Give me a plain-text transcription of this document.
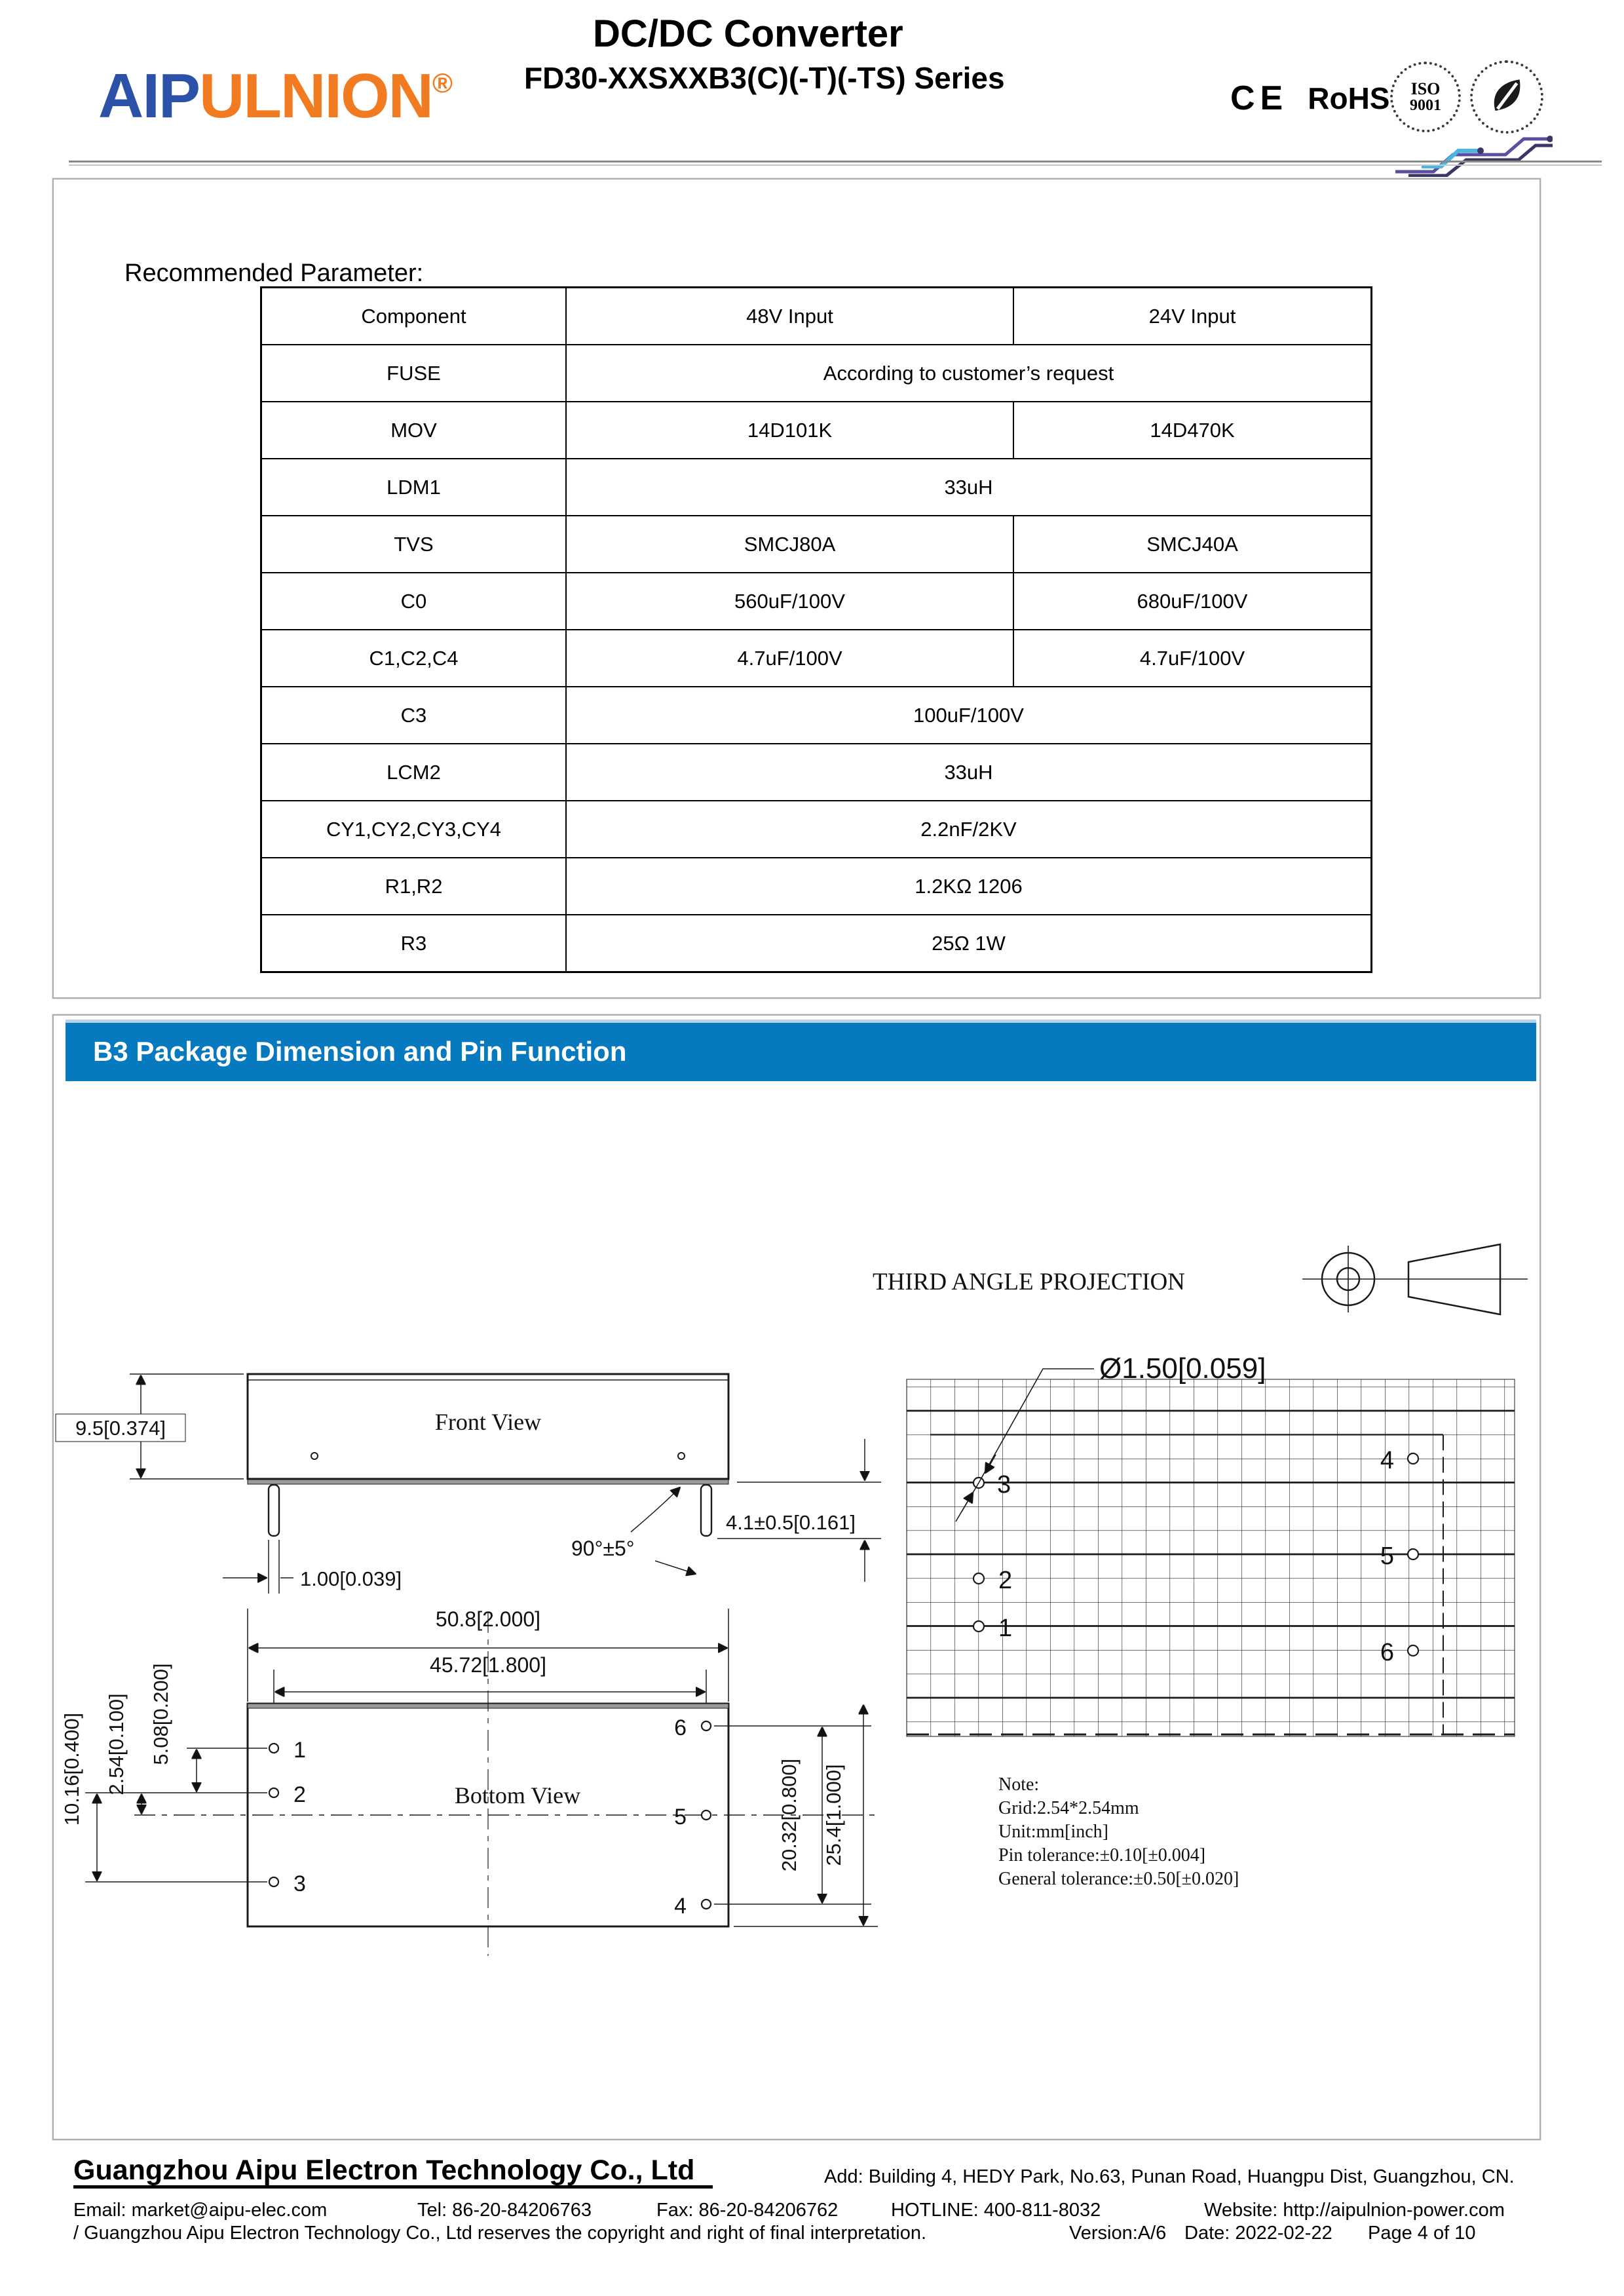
AIPULNION®
DC/DC Converter
FD30-XXSXXB3(C)(-T)(-TS) Series
CE RoHS ISO
9001
Recommended Parameter:
Component	48V Input	24V Input
FUSE	According to customer’s request	
MOV	14D101K	14D470K
LDM1	33uH	
TVS	SMCJ80A	SMCJ40A
C0	560uF/100V	680uF/100V
C1,C2,C4	4.7uF/100V	4.7uF/100V
C3	100uF/100V	
LCM2	33uH	
CY1,CY2,CY3,CY4	2.2nF/2KV	
R1,R2	1.2KΩ 1206	
R3	25Ω 1W	
B3 Package Dimension and Pin Function
THIRD ANGLE PROJECTION
Front View
9.5[0.374]
1.00[0.039]
90°±5°
4.1±0.5[0.161]
50.8[2.000]
45.72[1.800]
Bottom View
1
2
3
6
5
4
10.16[0.400] 2.54[0.100] 5.08[0.200]
20.32[0.800] 25.4[1.000]
3
2
1
4
5
6
Ø1.50[0.059]
Note:
Grid:2.54*2.54mm
Unit:mm[inch]
Pin tolerance:±0.10[±0.004]
General tolerance:±0.50[±0.020]
Guangzhou Aipu Electron Technology Co., Ltd	Add: Building 4, HEDY Park, No.63, Punan Road, Huangpu Dist, Guangzhou, CN.
Email: market@aipu-elec.com	Tel: 86-20-84206763	Fax: 86-20-84206762	HOTLINE: 400-811-8032	Website: http://aipulnion-power.com
/ Guangzhou Aipu Electron Technology Co., Ltd reserves the copyright and right of final interpretation.	Version:A/6 Date: 2022-02-22 Page 4 of 10
